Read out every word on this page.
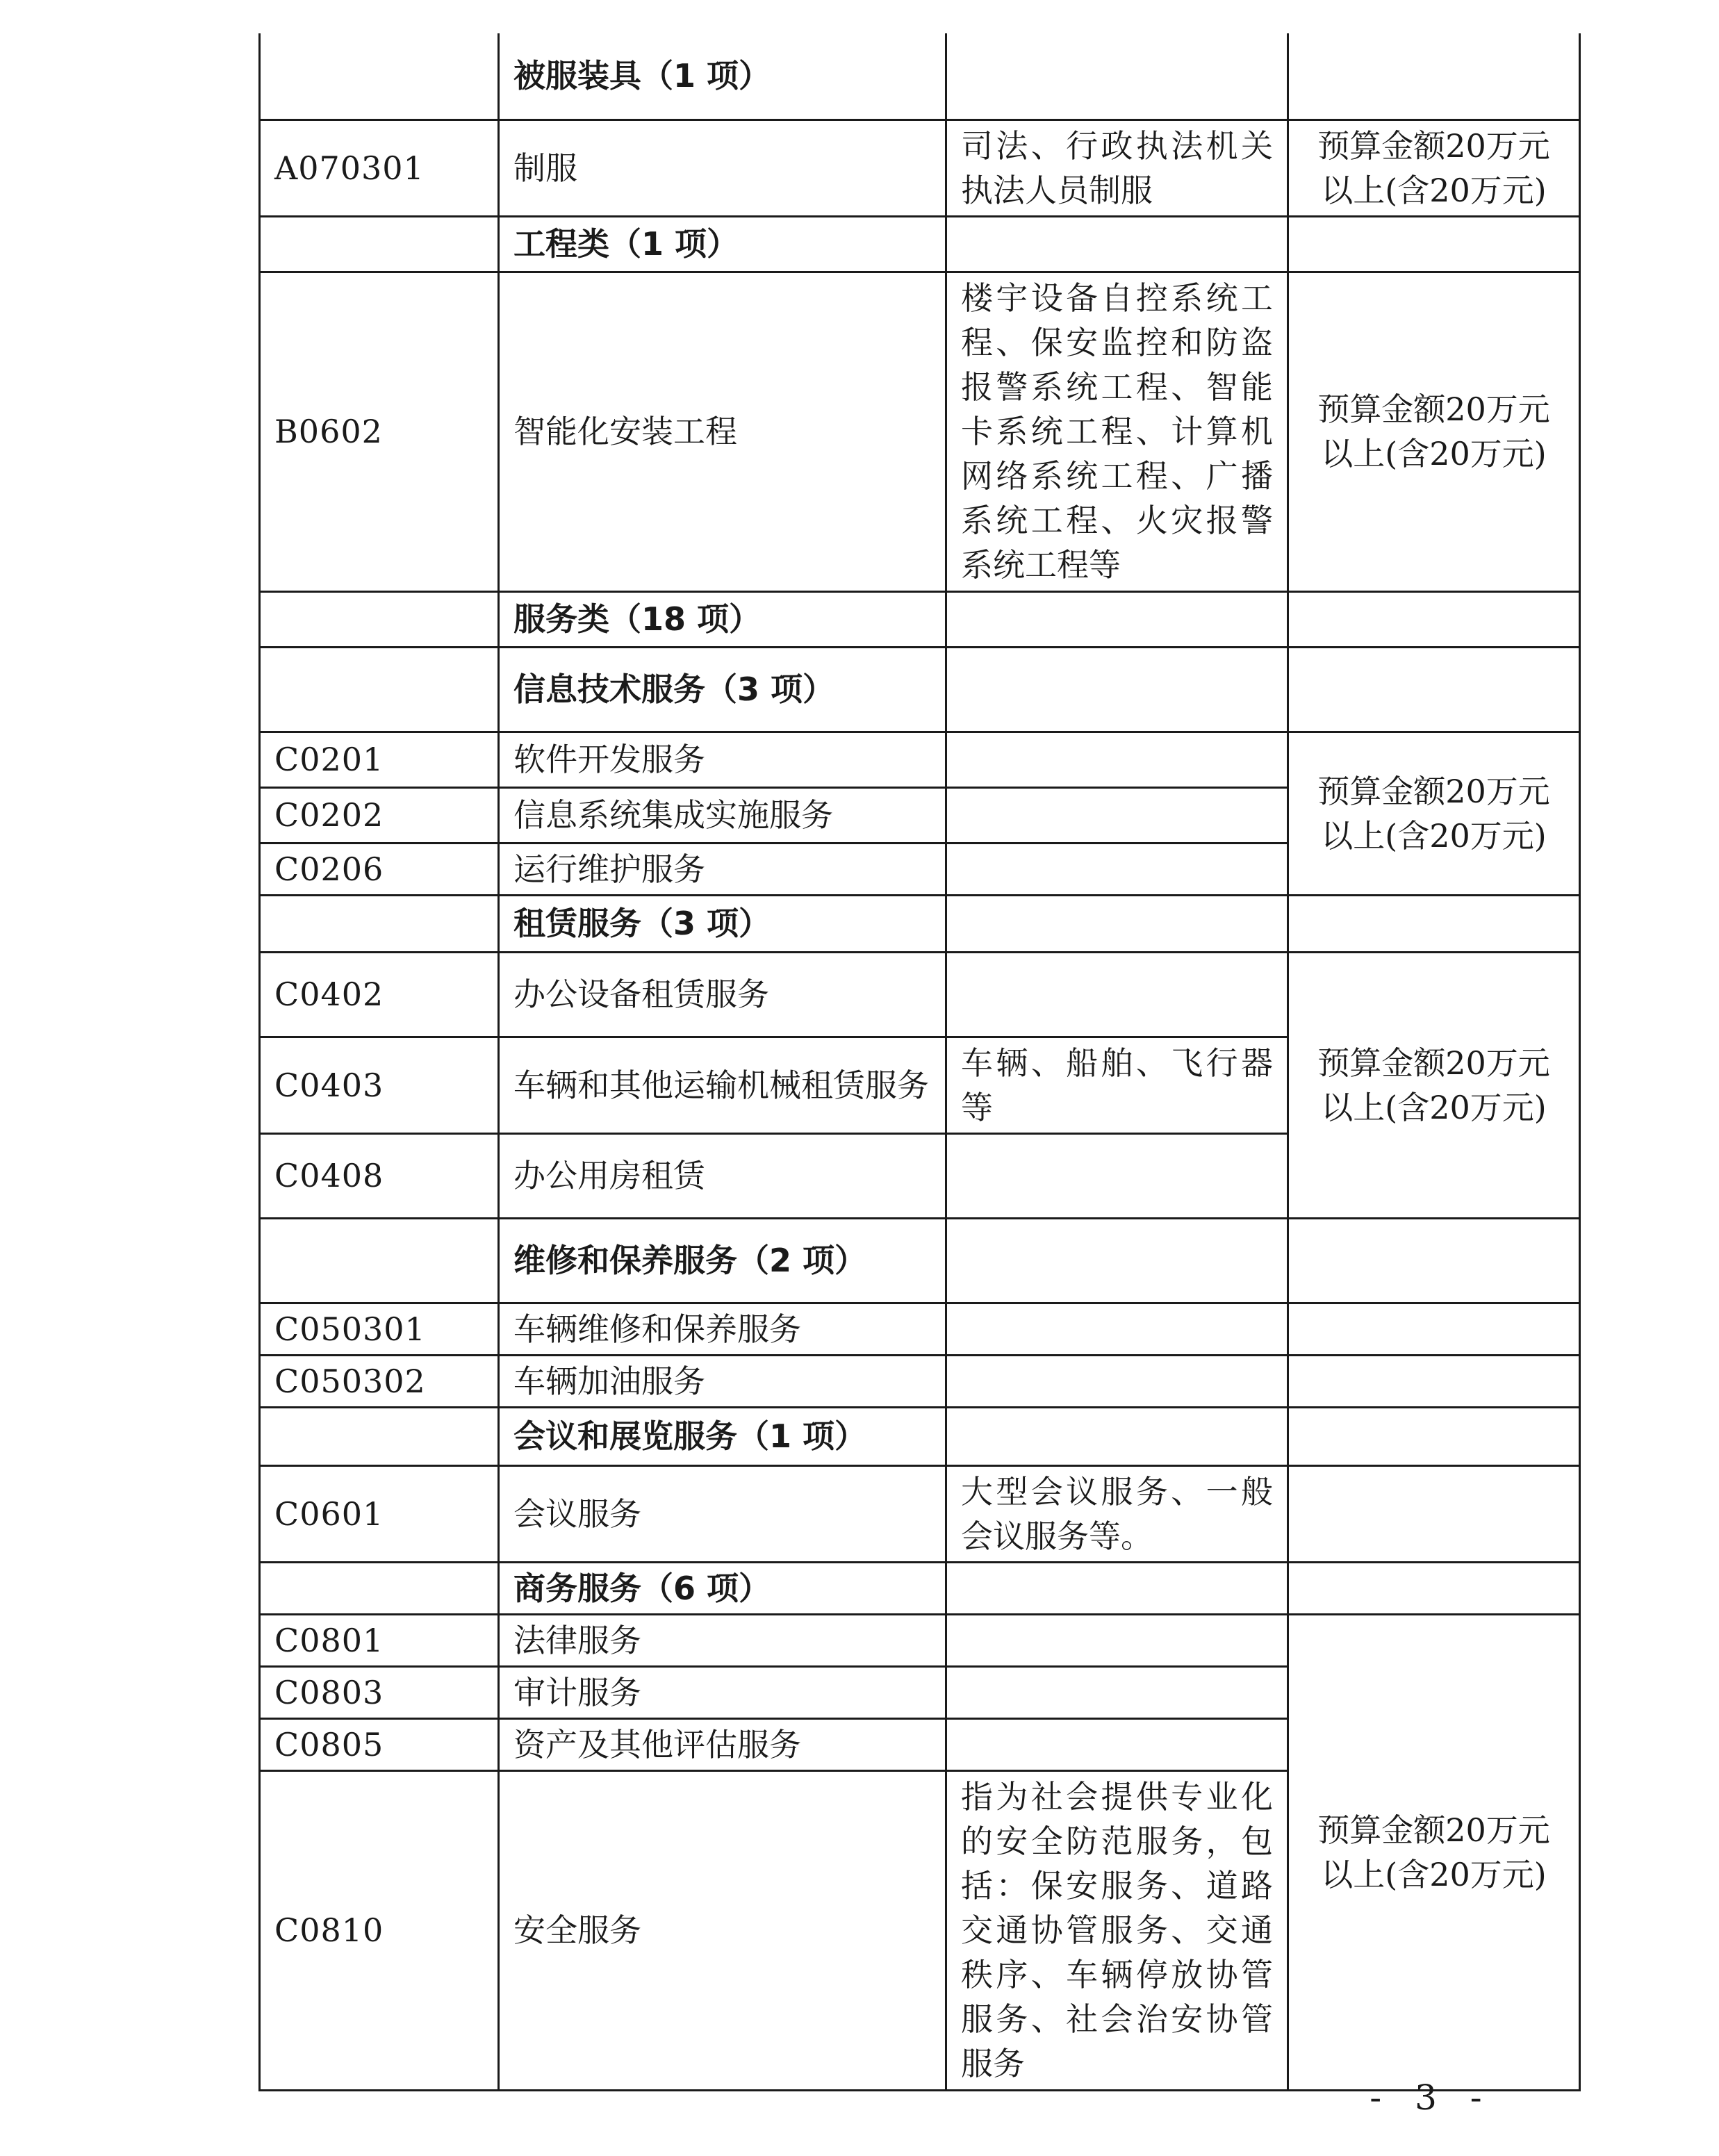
	被服装具（1 项）		
A070301	制服	司法、行政执法机关执法人员制服	预算金额20万元以上(含20万元)
	工程类（1 项）		
B0602	智能化安装工程	楼宇设备自控系统工程、保安监控和防盗报警系统工程、智能卡系统工程、计算机网络系统工程、广播系统工程、火灾报警系统工程等	预算金额20万元以上(含20万元)
	服务类（18 项）		
	信息技术服务（3 项）		
C0201	软件开发服务		预算金额20万元以上(含20万元)
C0202	信息系统集成实施服务		
C0206	运行维护服务		
	租赁服务（3 项）		
C0402	办公设备租赁服务		预算金额20万元以上(含20万元)
C0403	车辆和其他运输机械租赁服务	车辆、船舶、飞行器等	
C0408	办公用房租赁		
	维修和保养服务（2 项）		
C050301	车辆维修和保养服务		
C050302	车辆加油服务		
	会议和展览服务（1 项）		
C0601	会议服务	大型会议服务、一般会议服务等。	
	商务服务（6 项）		
C0801	法律服务		预算金额20万元以上(含20万元)
C0803	审计服务		
C0805	资产及其他评估服务		
C0810	安全服务	指为社会提供专业化的安全防范服务，包括：保安服务、道路交通协管服务、交通秩序、车辆停放协管服务、社会治安协管服务	
- 3 -
